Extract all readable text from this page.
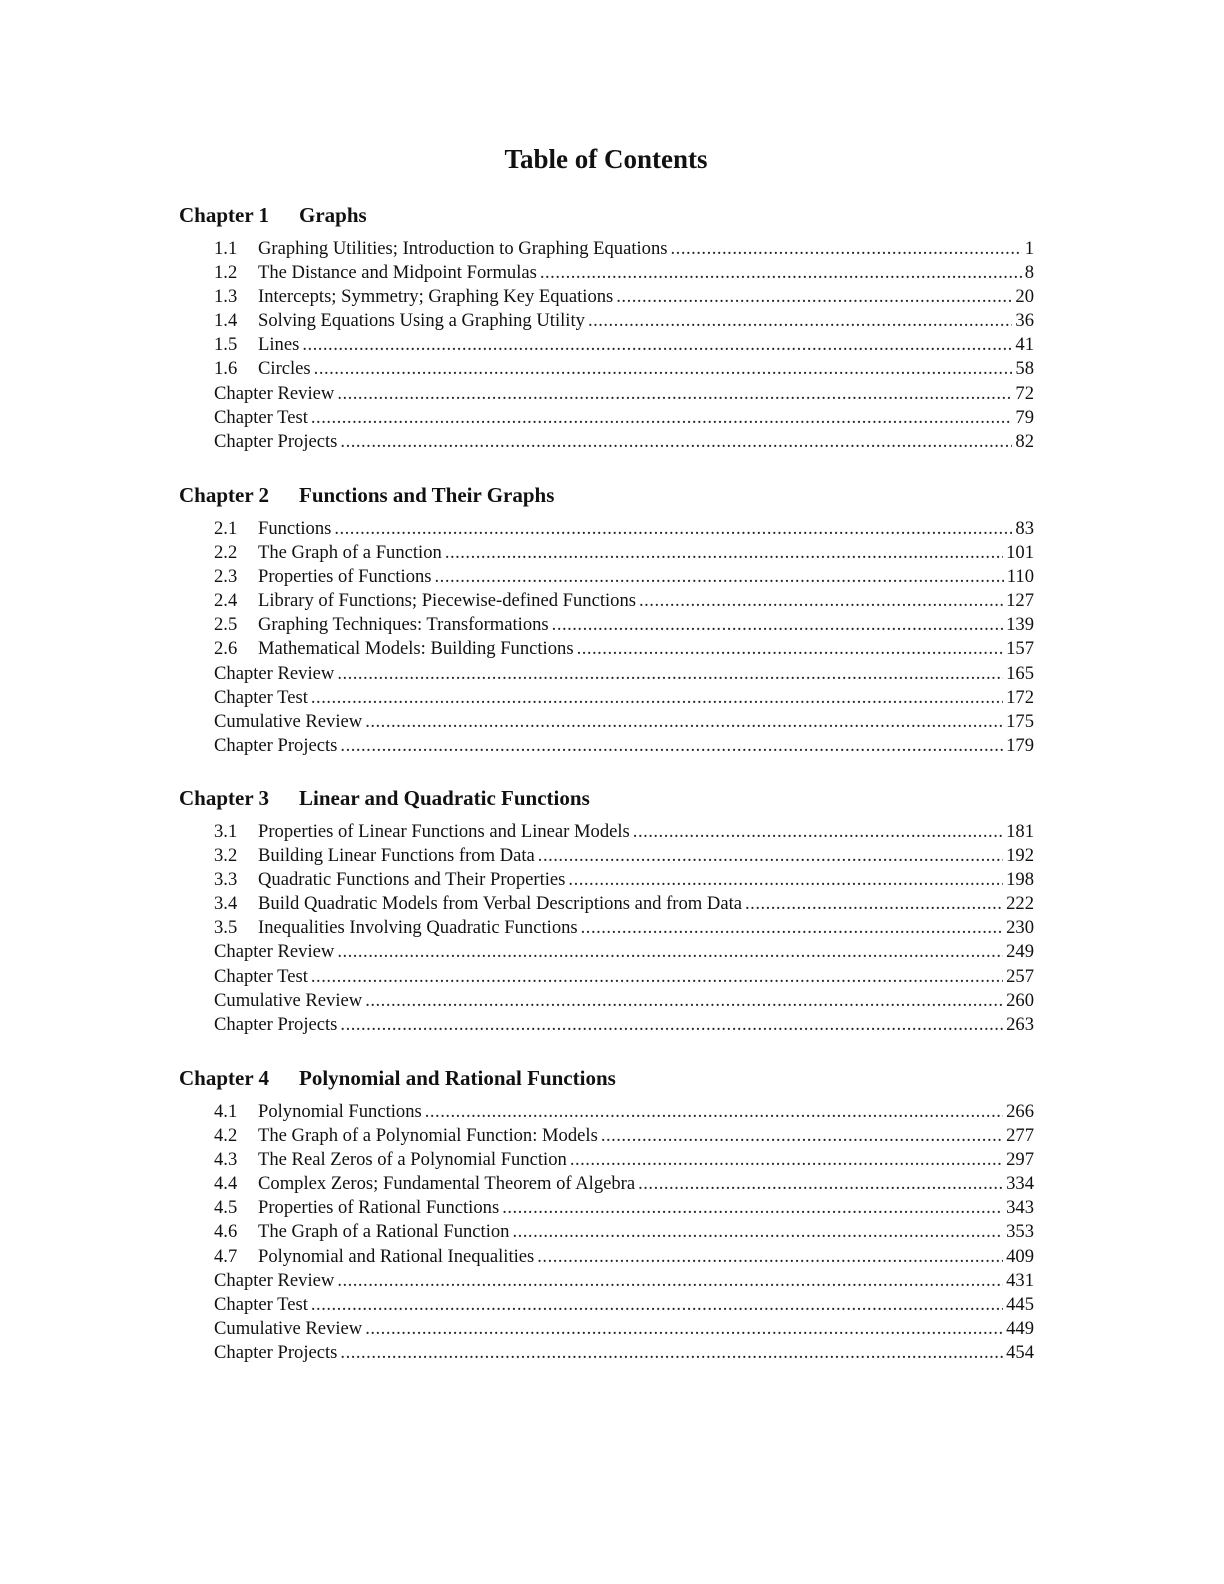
Table of Contents
Chapter 1 Graphs
1.1	Graphing Utilities; Introduction to Graphing Equations .....	1
1.2	The Distance and Midpoint Formulas .....	8
1.3	Intercepts; Symmetry; Graphing Key Equations .....	20
1.4	Solving Equations Using a Graphing Utility .....	36
1.5	Lines .....	41
1.6	Circles .....	58
Chapter Review .....	72
Chapter Test .....	79
Chapter Projects .....	82
Chapter 2 Functions and Their Graphs
2.1	Functions .....	83
2.2	The Graph of a Function .....	101
2.3	Properties of Functions .....	110
2.4	Library of Functions; Piecewise-defined Functions .....	127
2.5	Graphing Techniques: Transformations .....	139
2.6	Mathematical Models: Building Functions .....	157
Chapter Review .....	165
Chapter Test .....	172
Cumulative Review .....	175
Chapter Projects .....	179
Chapter 3 Linear and Quadratic Functions
3.1	Properties of Linear Functions and Linear Models .....	181
3.2	Building Linear Functions from Data .....	192
3.3	Quadratic Functions and Their Properties .....	198
3.4	Build Quadratic Models from Verbal Descriptions and from Data .....	222
3.5	Inequalities Involving Quadratic Functions .....	230
Chapter Review .....	249
Chapter Test .....	257
Cumulative Review .....	260
Chapter Projects .....	263
Chapter 4 Polynomial and Rational Functions
4.1	Polynomial Functions .....	266
4.2	The Graph of a Polynomial Function: Models .....	277
4.3	The Real Zeros of a Polynomial Function .....	297
4.4	Complex Zeros; Fundamental Theorem of Algebra .....	334
4.5	Properties of Rational Functions .....	343
4.6	The Graph of a Rational Function .....	353
4.7	Polynomial and Rational Inequalities .....	409
Chapter Review .....	431
Chapter Test .....	445
Cumulative Review .....	449
Chapter Projects .....	454
